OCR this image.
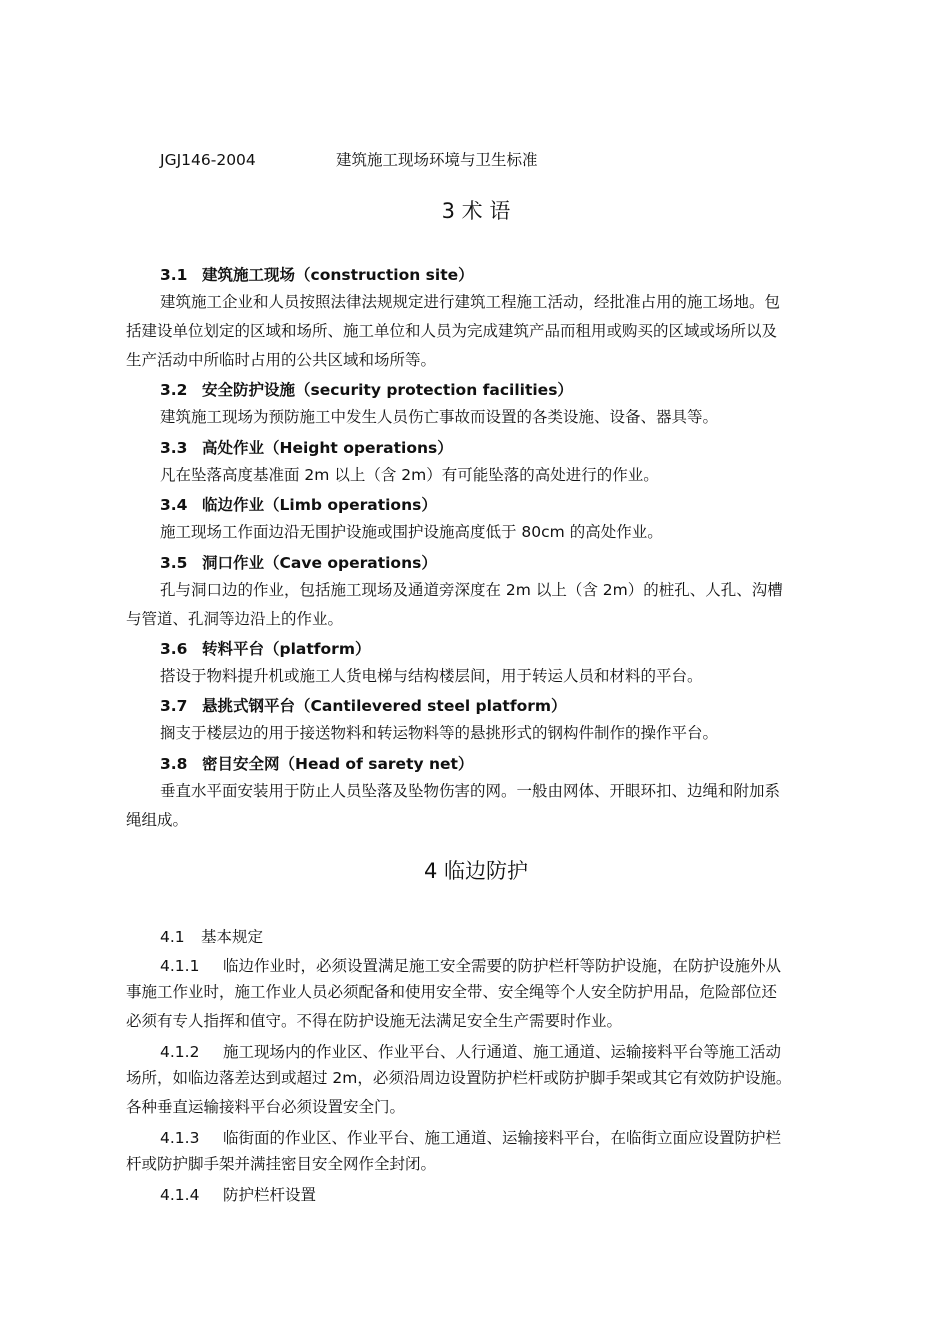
JGJ146-2004	建筑施工现场环境与卫生标准
3 术 语
3.1 建筑施工现场（construction site）
建筑施工企业和人员按照法律法规规定进行建筑工程施工活动，经批准占用的施工场地。包
括建设单位划定的区域和场所、施工单位和人员为完成建筑产品而租用或购买的区域或场所以及
生产活动中所临时占用的公共区域和场所等。
3.2 安全防护设施（security protection facilities）
建筑施工现场为预防施工中发生人员伤亡事故而设置的各类设施、设备、器具等。
3.3 高处作业（Height operations）
凡在坠落高度基准面 2m 以上（含 2m）有可能坠落的高处进行的作业。
3.4 临边作业（Limb operations）
施工现场工作面边沿无围护设施或围护设施高度低于 80cm 的高处作业。
3.5 洞口作业（Cave operations）
孔与洞口边的作业，包括施工现场及通道旁深度在 2m 以上（含 2m）的桩孔、人孔、沟槽
与管道、孔洞等边沿上的作业。
3.6 转料平台（platform）
搭设于物料提升机或施工人货电梯与结构楼层间，用于转运人员和材料的平台。
3.7 悬挑式钢平台（Cantilevered steel platform）
搁支于楼层边的用于接送物料和转运物料等的悬挑形式的钢构件制作的操作平台。
3.8 密目安全网（Head of sarety net）
垂直水平面安装用于防止人员坠落及坠物伤害的网。一般由网体、开眼环扣、边绳和附加系
绳组成。
4 临边防护
4.1 基本规定
4.1.1 临边作业时，必须设置满足施工安全需要的防护栏杆等防护设施，在防护设施外从
事施工作业时，施工作业人员必须配备和使用安全带、安全绳等个人安全防护用品，危险部位还
必须有专人指挥和值守。不得在防护设施无法满足安全生产需要时作业。
4.1.2 施工现场内的作业区、作业平台、人行通道、施工通道、运输接料平台等施工活动
场所，如临边落差达到或超过 2m，必须沿周边设置防护栏杆或防护脚手架或其它有效防护设施。
各种垂直运输接料平台必须设置安全门。
4.1.3 临街面的作业区、作业平台、施工通道、运输接料平台，在临街立面应设置防护栏
杆或防护脚手架并满挂密目安全网作全封闭。
4.1.4 防护栏杆设置
